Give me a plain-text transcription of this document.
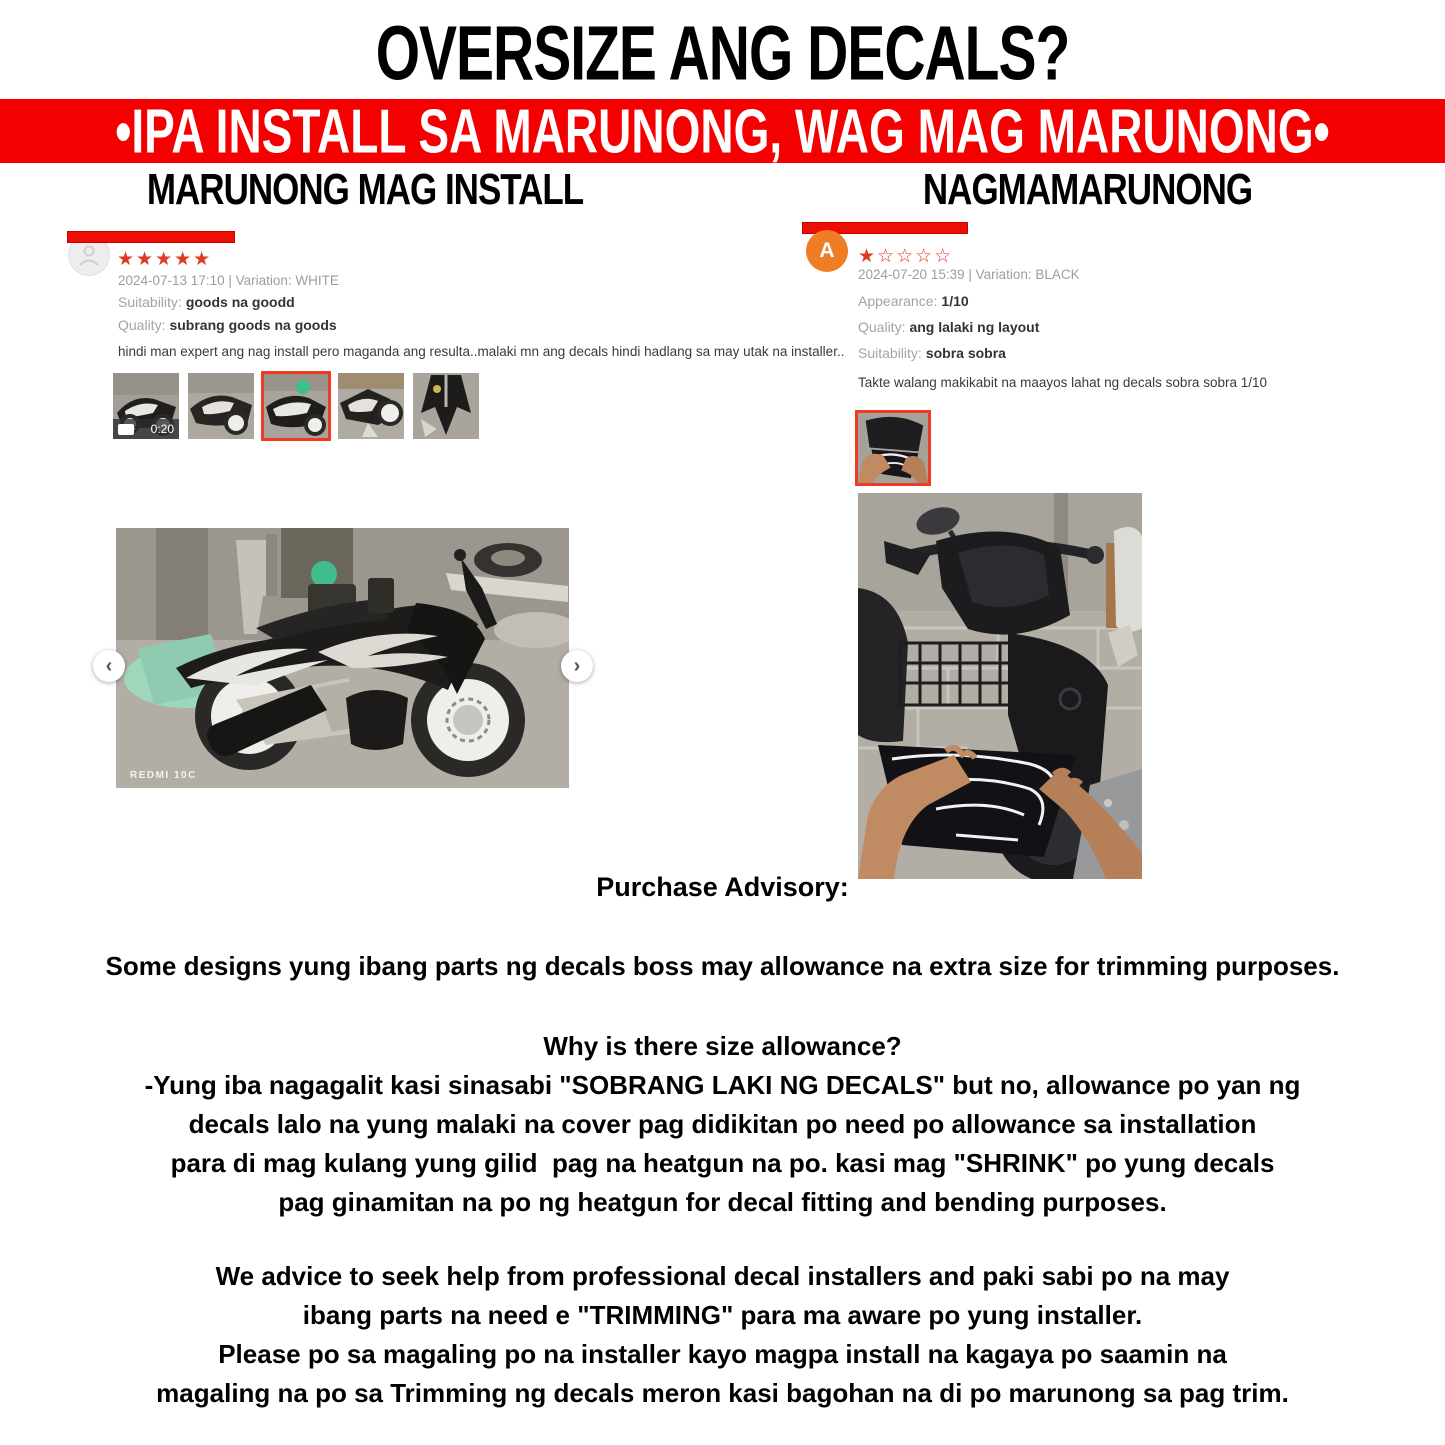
OVERSIZE ANG DECALS?
•IPA INSTALL SA MARUNONG, WAG MAG MARUNONG•
MARUNONG MAG INSTALL	NAGMAMARUNONG
★★★★★
2024-07-13 17:10 | Variation: WHITE
Suitability: goods na goodd
Quality: subrang goods na goods
hindi man expert ang nag install pero maganda ang resulta..malaki mn ang decals hindi hadlang sa may utak na installer..
0:20
‹	›
REDMI 10C
A ★☆☆☆☆
2024-07-20 15:39 | Variation: BLACK
Appearance: 1/10
Quality: ang lalaki ng layout
Suitability: sobra sobra
Takte walang makikabit na maayos lahat ng decals sobra sobra 1/10
Purchase Advisory:
Some designs yung ibang parts ng decals boss may allowance na extra size for trimming purposes.
Why is there size allowance?
-Yung iba nagagalit kasi sinasabi "SOBRANG LAKI NG DECALS" but no, allowance po yan ng
decals lalo na yung malaki na cover pag didikitan po need po allowance sa installation
para di mag kulang yung gilid  pag na heatgun na po. kasi mag "SHRINK" po yung decals
pag ginamitan na po ng heatgun for decal fitting and bending purposes.
We advice to seek help from professional decal installers and paki sabi po na may
ibang parts na need e "TRIMMING" para ma aware po yung installer.
Please po sa magaling po na installer kayo magpa install na kagaya po saamin na
magaling na po sa Trimming ng decals meron kasi bagohan na di po marunong sa pag trim.
